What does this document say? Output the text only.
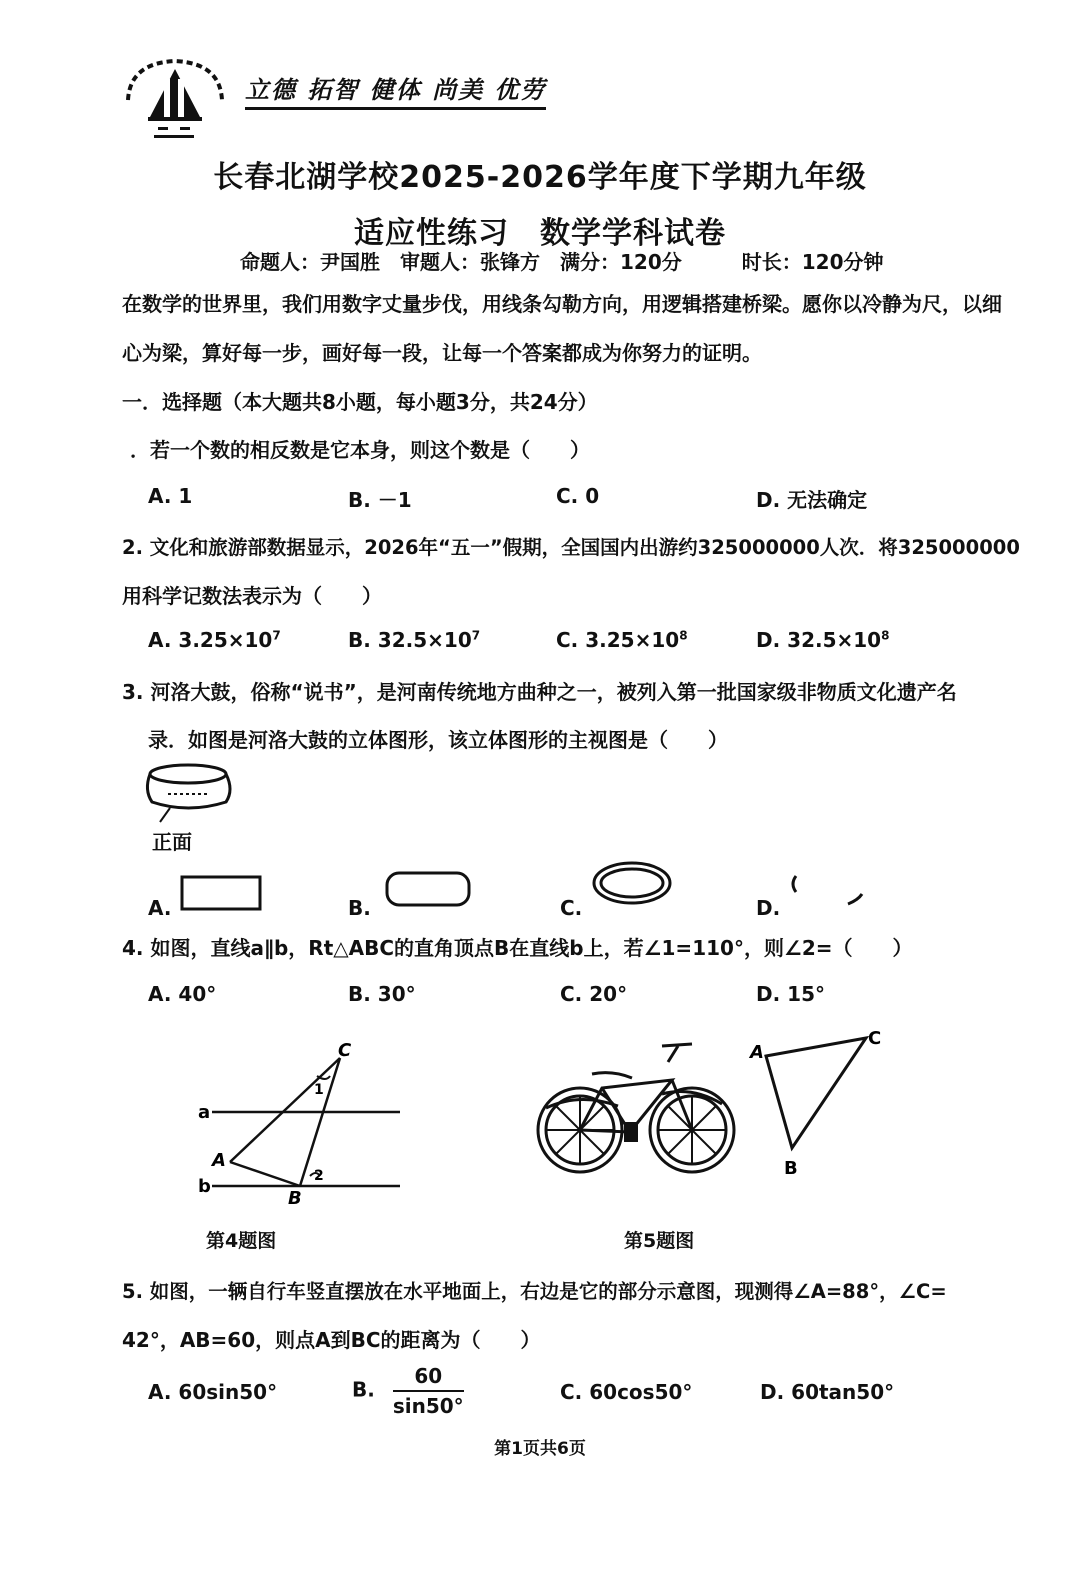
立德 拓智 健体 尚美 优劳
长春北湖学校2025-2026学年度下学期九年级
适应性练习　数学学科试卷
命题人：尹国胜　审题人：张锋方　满分：120分　　　时长：120分钟
在数学的世界里，我们用数字丈量步伐，用线条勾勒方向，用逻辑搭建桥梁。愿你以冷静为尺，以细
心为梁，算好每一步，画好每一段，让每一个答案都成为你努力的证明。
一．选择题（本大题共8小题，每小题3分，共24分）
．若一个数的相反数是它本身，则这个数是（　　）
A. 1	B. －1	C. 0	D. 无法确定
2. 文化和旅游部数据显示，2026年“五一”假期，全国国内出游约325000000人次．将325000000
用科学记数法表示为（　　）
A. $3.25\times 10^7$	B. $32.5\times 10^7$	C. $3.25\times 10^8$	D. $32.5\times 10^8$
3. 河洛大鼓，俗称“说书”，是河南传统地方曲种之一，被列入第一批国家级非物质文化遗产名
录．如图是河洛大鼓的立体图形，该立体图形的主视图是（　　）
正面
A.	B.	C.	D.
4. 如图，直线a∥b，Rt△ABC的直角顶点B在直线b上，若∠1=110°，则∠2=（　　）
A. 40°	B. 30°	C. 20°	D. 15°
a
b
A
B
C
1
2
第4题图
A
C
B
第5题图
5. 如图，一辆自行车竖直摆放在水平地面上，右边是它的部分示意图，现测得∠A=88°，∠C=
42°，AB=60，则点A到BC的距离为（　　）
A. 60sin50°	B. $\frac{60}{\sin 50^\circ}$	C. 60cos50°	D. 60tan50°
第1页共6页
